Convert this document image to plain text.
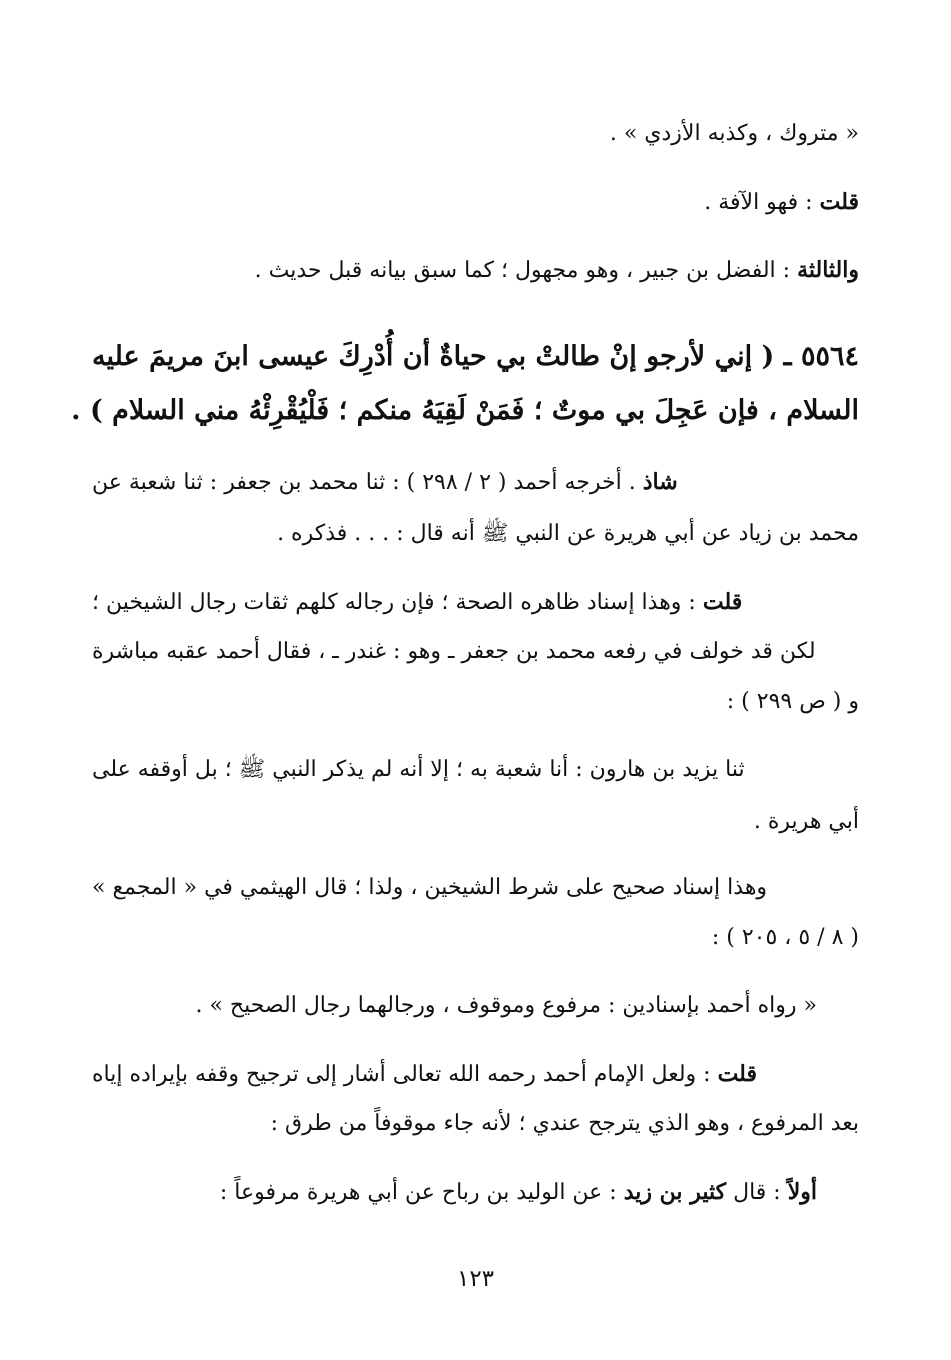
« متروك ، وكذبه الأزدي » .
قلت : فهو الآفة .
والثالثة : الفضل بن جبير ، وهو مجهول ؛ كما سبق بيانه قبل حديث .
٥٥٦٤ ـ ( إني لأرجو إنْ طالتْ بي حياةٌ أن أُدْرِكَ عيسى ابنَ مريمَ عليه
السلام ، فإن عَجِلَ بي موتٌ ؛ فَمَنْ لَقِيَهُ منكم ؛ فَلْيُقْرِئْهُ مني السلام ) .
شاذ . أخرجه أحمد ( ٢ / ٢٩٨ ) : ثنا محمد بن جعفر : ثنا شعبة عن
محمد بن زياد عن أبي هريرة عن النبي ﷺ أنه قال : . . . فذكره .
قلت : وهذا إسناد ظاهره الصحة ؛ فإن رجاله كلهم ثقات رجال الشيخين ؛
لكن قد خولف في رفعه محمد بن جعفر ـ وهو : غندر ـ ، فقال أحمد عقبه مباشرة
و ( ص ٢٩٩ ) :
ثنا يزيد بن هارون : أنا شعبة به ؛ إلا أنه لم يذكر النبي ﷺ ؛ بل أوقفه على
أبي هريرة .
وهذا إسناد صحيح على شرط الشيخين ، ولذا ؛ قال الهيثمي في « المجمع »
( ٨ / ٥ ، ٢٠٥ ) :
« رواه أحمد بإسنادين : مرفوع وموقوف ، ورجالهما رجال الصحيح » .
قلت : ولعل الإمام أحمد رحمه الله تعالى أشار إلى ترجيح وقفه بإيراده إياه
بعد المرفوع ، وهو الذي يترجح عندي ؛ لأنه جاء موقوفاً من طرق :
أولاً : قال كثير بن زيد : عن الوليد بن رباح عن أبي هريرة مرفوعاً :
١٢٣
